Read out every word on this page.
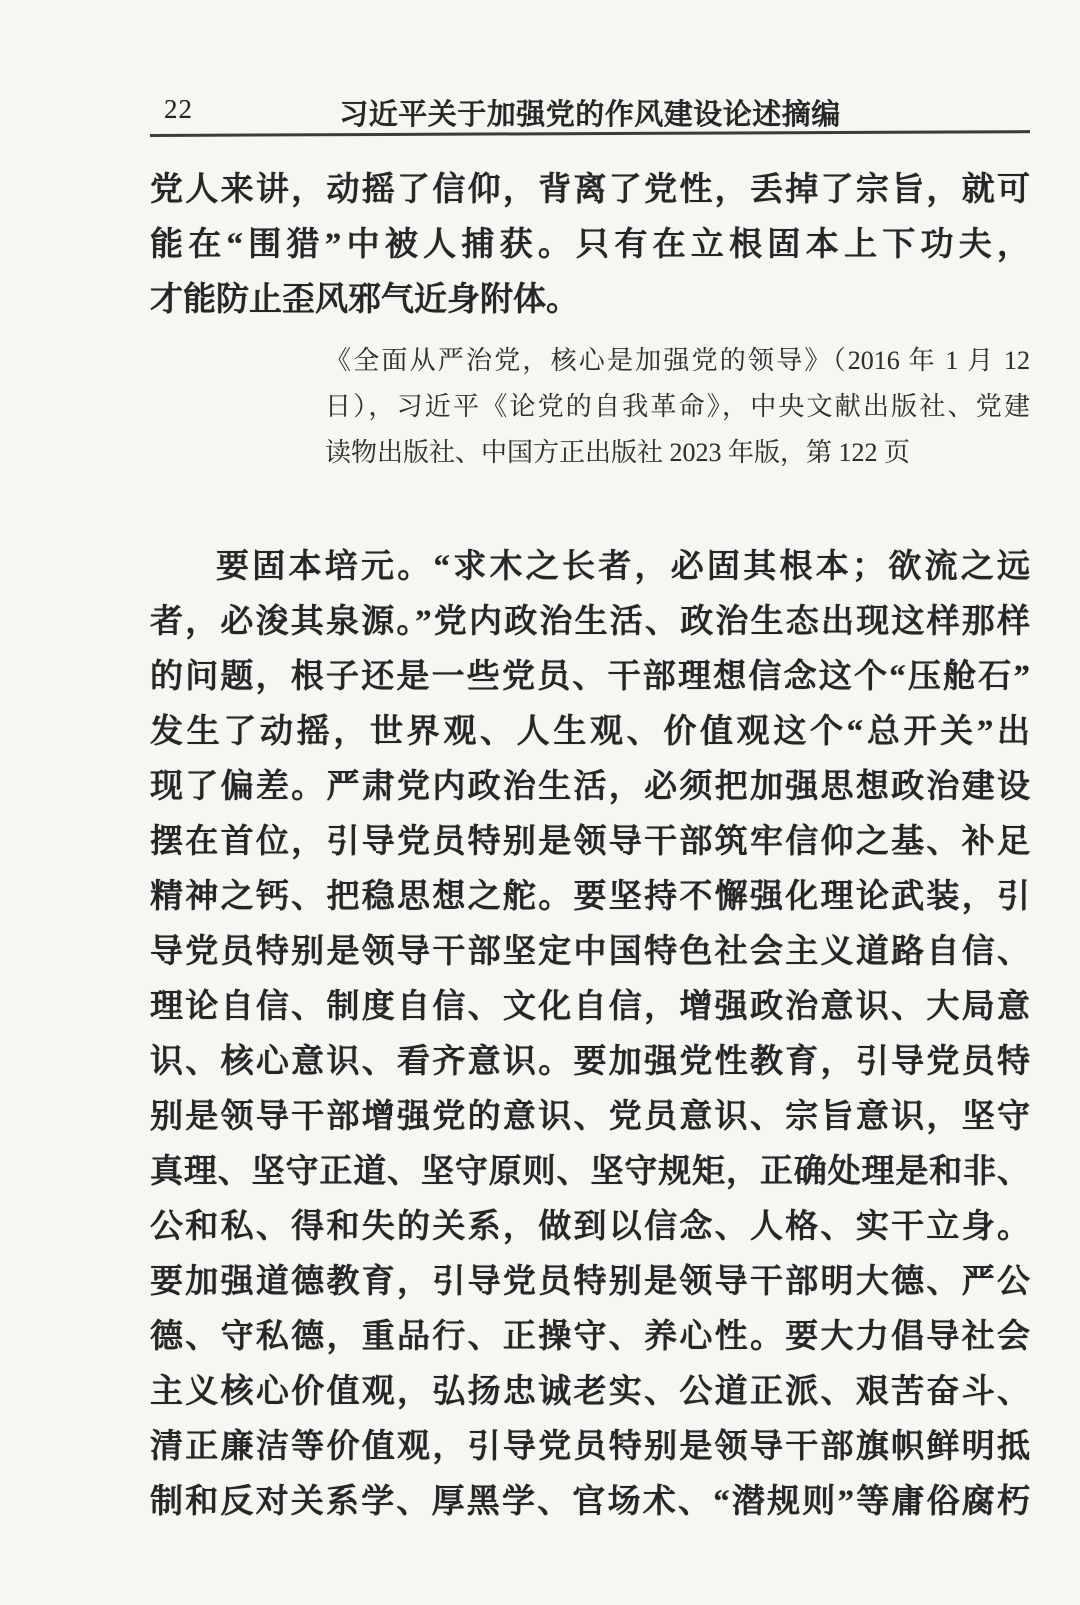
22	习近平关于加强党的作风建设论述摘编
党人来讲，动摇了信仰，背离了党性，丢掉了宗旨，就可
能在“围猎”中被人捕获。只有在立根固本上下功夫，
才能防止歪风邪气近身附体。
《全面从严治党，核心是加强党的领导》（2016 年 1 月 12
日），习近平《论党的自我革命》，中央文献出版社、党建
读物出版社、中国方正出版社 2023 年版，第 122 页
要固本培元。“求木之长者，必固其根本；欲流之远
者，必浚其泉源。”党内政治生活、政治生态出现这样那样
的问题，根子还是一些党员、干部理想信念这个“压舱石”
发生了动摇，世界观、人生观、价值观这个“总开关”出
现了偏差。严肃党内政治生活，必须把加强思想政治建设
摆在首位，引导党员特别是领导干部筑牢信仰之基、补足
精神之钙、把稳思想之舵。要坚持不懈强化理论武装，引
导党员特别是领导干部坚定中国特色社会主义道路自信、
理论自信、制度自信、文化自信，增强政治意识、大局意
识、核心意识、看齐意识。要加强党性教育，引导党员特
别是领导干部增强党的意识、党员意识、宗旨意识，坚守
真理、坚守正道、坚守原则、坚守规矩，正确处理是和非、
公和私、得和失的关系，做到以信念、人格、实干立身。
要加强道德教育，引导党员特别是领导干部明大德、严公
德、守私德，重品行、正操守、养心性。要大力倡导社会
主义核心价值观，弘扬忠诚老实、公道正派、艰苦奋斗、
清正廉洁等价值观，引导党员特别是领导干部旗帜鲜明抵
制和反对关系学、厚黑学、官场术、“潜规则”等庸俗腐朽
